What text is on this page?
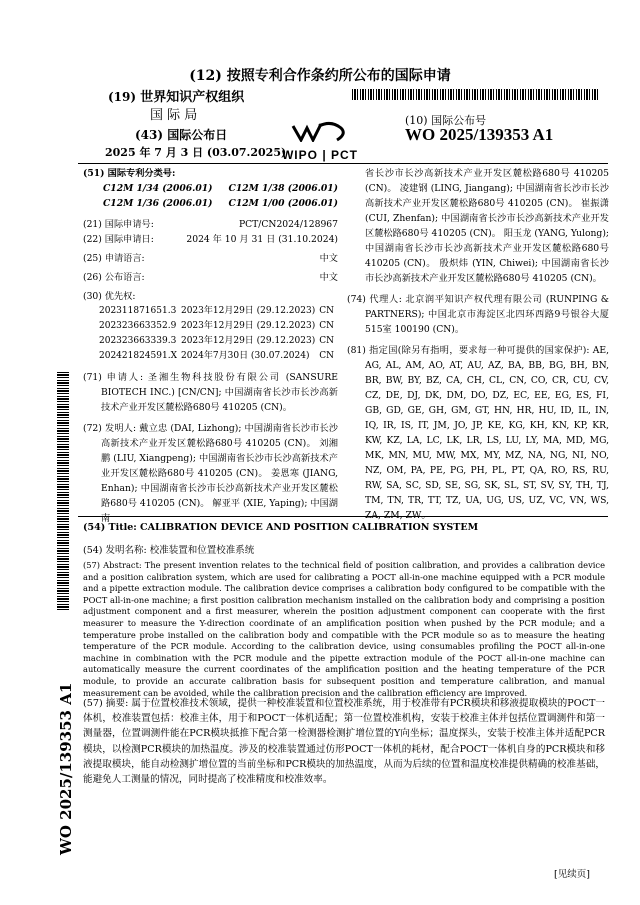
(12) 按照专利合作条约所公布的国际申请
(19) 世界知识产权组织
国 际 局
(43) 国际公布日
2025 年 7 月 3 日 (03.07.2025)
WIPO | PCT
(10) 国际公布号
WO 2025/139353 A1
WO 2025/139353 A1
(51) 国际专利分类号:
C12M 1/34 (2006.01) C12M 1/38 (2006.01)
C12M 1/36 (2006.01) C12M 1/00 (2006.01)
(21) 国际申请号:	PCT/CN2024/128967
(22) 国际申请日:	2024 年 10 月 31 日 (31.10.2024)
(25) 申请语言:	中文
(26) 公布语言:	中文
(30) 优先权:
202311871651.3	2023年12月29日 (29.12.2023)	CN
202323663352.9	2023年12月29日 (29.12.2023)	CN
202323663339.3	2023年12月29日 (29.12.2023)	CN
202421824591.X	2024年7月30日 (30.07.2024)	CN
(71) 申请人: 圣湘生物科技股份有限公司 (SANSURE BIOTECH INC.) [CN/CN]; 中国湖南省长沙市长沙高新技术产业开发区麓松路680号 410205 (CN)。
(72) 发明人: 戴立忠 (DAI, Lizhong); 中国湖南省长沙市长沙高新技术产业开发区麓松路680号 410205 (CN)。 刘湘鹏 (LIU, Xiangpeng); 中国湖南省长沙市长沙高新技术产业开发区麓松路680号 410205 (CN)。 姜恩寒 (JIANG, Enhan); 中国湖南省长沙市长沙高新技术产业开发区麓松路680号 410205 (CN)。 解亚平 (XIE, Yaping); 中国湖南
省长沙市长沙高新技术产业开发区麓松路680号 410205 (CN)。 凌建钢 (LING, Jiangang); 中国湖南省长沙市长沙高新技术产业开发区麓松路680号 410205 (CN)。 崔振潇 (CUI, Zhenfan); 中国湖南省长沙市长沙高新技术产业开发区麓松路680号 410205 (CN)。 阳玉龙 (YANG, Yulong); 中国湖南省长沙市长沙高新技术产业开发区麓松路680号 410205 (CN)。 殷炽炜 (YIN, Chiwei); 中国湖南省长沙市长沙高新技术产业开发区麓松路680号 410205 (CN)。
(74) 代理人: 北京润平知识产权代理有限公司 (RUNPING & PARTNERS); 中国北京市海淀区北四环西路9号银谷大厦515室 100190 (CN)。
(81) 指定国(除另有指明，要求每一种可提供的国家保护): AE, AG, AL, AM, AO, AT, AU, AZ, BA, BB, BG, BH, BN, BR, BW, BY, BZ, CA, CH, CL, CN, CO, CR, CU, CV, CZ, DE, DJ, DK, DM, DO, DZ, EC, EE, EG, ES, FI, GB, GD, GE, GH, GM, GT, HN, HR, HU, ID, IL, IN, IQ, IR, IS, IT, JM, JO, JP, KE, KG, KH, KN, KP, KR, KW, KZ, LA, LC, LK, LR, LS, LU, LY, MA, MD, MG, MK, MN, MU, MW, MX, MY, MZ, NA, NG, NI, NO, NZ, OM, PA, PE, PG, PH, PL, PT, QA, RO, RS, RU, RW, SA, SC, SD, SE, SG, SK, SL, ST, SV, SY, TH, TJ, TM, TN, TR, TT, TZ, UA, UG, US, UZ, VC, VN, WS, ZA, ZM, ZW。
(54) Title: CALIBRATION DEVICE AND POSITION CALIBRATION SYSTEM
(54) 发明名称: 校准装置和位置校准系统
(57) Abstract: The present invention relates to the technical field of position calibration, and provides a calibration device and a position calibration system, which are used for calibrating a POCT all-in-one machine equipped with a PCR module and a pipette extraction module. The calibration device comprises a calibration body configured to be compatible with the POCT all-in-one machine; a first position calibration mechanism installed on the calibration body and comprising a position adjustment component and a first measurer, wherein the position adjustment component can cooperate with the first measurer to measure the Y-direction coordinate of an amplification position when pushed by the PCR module; and a temperature probe installed on the calibration body and compatible with the PCR module so as to measure the heating temperature of the PCR module. According to the calibration device, using consumables profiling the POCT all-in-one machine in combination with the PCR module and the pipette extraction module of the POCT all-in-one machine can automatically measure the current coordinates of the amplification position and the heating temperature of the PCR module, to provide an accurate calibration basis for subsequent position and temperature calibration, and manual measurement can be avoided, while the calibration precision and the calibration efficiency are improved.
(57) 摘要: 属于位置校准技术领域，提供一种校准装置和位置校准系统，用于校准带有PCR模块和移液提取模块的POCT一体机，校准装置包括：校准主体，用于和POCT一体机适配；第一位置校准机构，安装于校准主体并包括位置调测件和第一测量器，位置调测件能在PCR模块抵推下配合第一检测器检测扩增位置的Y向坐标；温度探头，安装于校准主体并适配PCR模块，以检测PCR模块的加热温度。涉及的校准装置通过仿形POCT一体机的耗材，配合POCT一体机自身的PCR模块和移液提取模块，能自动检测扩增位置的当前坐标和PCR模块的加热温度，从而为后续的位置和温度校准提供精确的校准基础，能避免人工测量的情况，同时提高了校准精度和校准效率。
[见续页]
